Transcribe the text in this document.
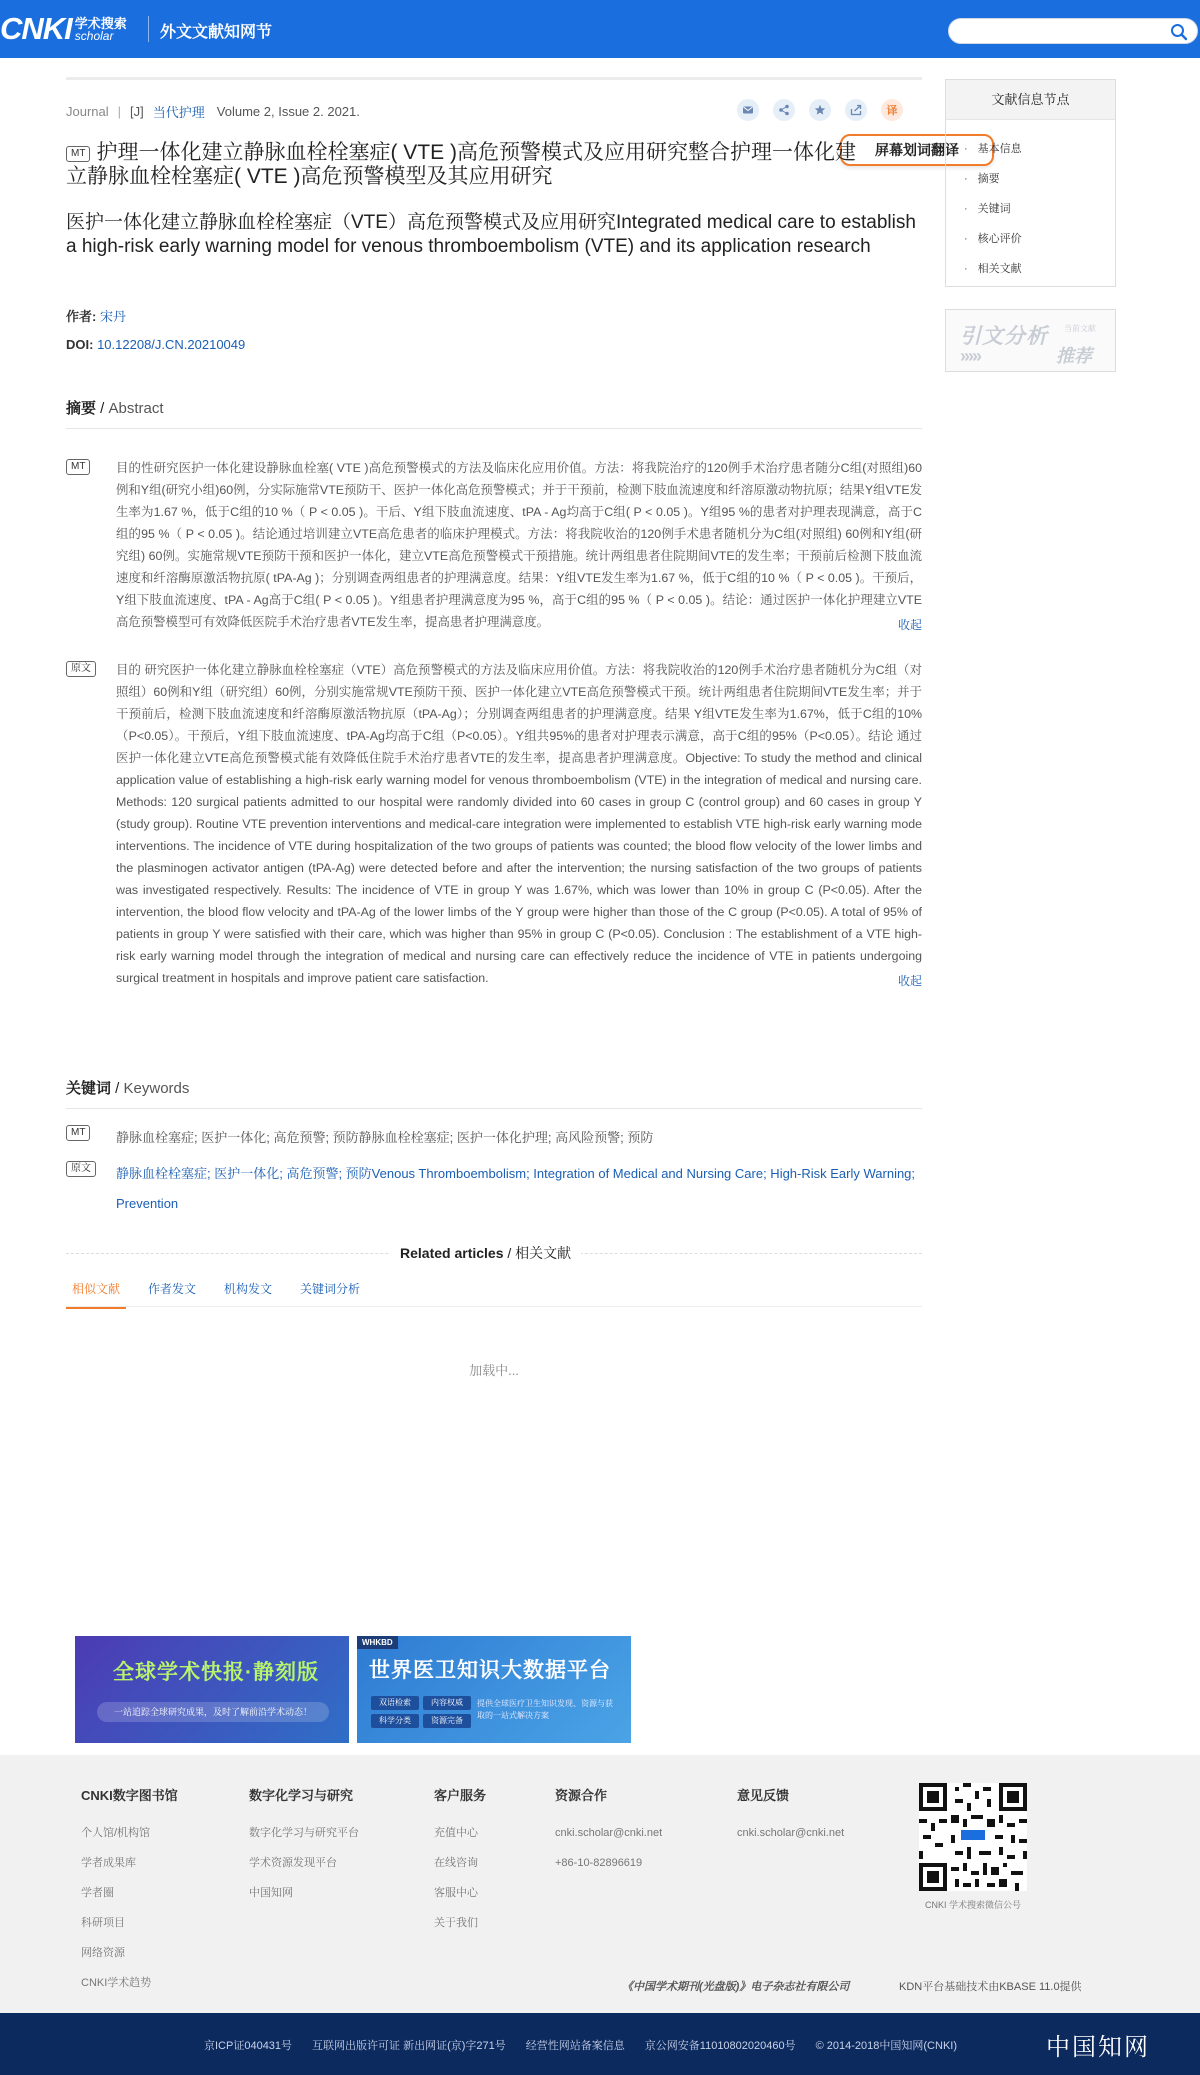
CNKI 学术搜索
scholar	外文文献知网节
Journal | [J] 当代护理 Volume 2, Issue 2. 2021.	译
屏幕划词翻译
MT 护理一体化建立静脉血栓栓塞症( VTE )高危预警模式及应用研究整合护理一体化建立静脉血栓栓塞症( VTE )高危预警模型及其应用研究
医护一体化建立静脉血栓栓塞症（VTE）高危预警模式及应用研究Integrated medical care to establish a high-risk early warning model for venous thromboembolism (VTE) and its application research
作者: 宋丹
DOI: 10.12208/J.CN.20210049
摘要 / Abstract
MT	目的性研究医护一体化建设静脉血栓塞( VTE )高危预警模式的方法及临床化应用价值。方法：将我院治疗的120例手术治疗患者随分C组(对照组)60例和Y组(研究小组)60例，分实际施常VTE预防干、医护一体化高危预警模式；并于干预前，检测下肢血流速度和纤溶原激动物抗原；结果Y组VTE发生率为1.67 %，低于C组的10 %（ P < 0.05 )。干后、Y组下肢血流速度、tPA - Ag均高于C组( P < 0.05 )。Y组95 %的患者对护理表现满意，高于C组的95 %（ P < 0.05 )。结论通过培训建立VTE高危患者的临床护理模式。方法：将我院收治的120例手术患者随机分为C组(对照组) 60例和Y组(研究组) 60例。实施常规VTE预防干预和医护一体化，建立VTE高危预警模式干预措施。统计两组患者住院期间VTE的发生率；干预前后检测下肢血流速度和纤溶酶原激活物抗原( tPA-Ag )；分别调查两组患者的护理满意度。结果：Y组VTE发生率为1.67 %，低于C组的10 %（ P < 0.05 )。干预后，Y组下肢血流速度、tPA - Ag高于C组( P < 0.05 )。Y组患者护理满意度为95 %，高于C组的95 %（ P < 0.05 )。结论：通过医护一体化护理建立VTE高危预警模型可有效降低医院手术治疗患者VTE发生率，提高患者护理满意度。	收起
原文	目的 研究医护一体化建立静脉血栓栓塞症（VTE）高危预警模式的方法及临床应用价值。方法：将我院收治的120例手术治疗患者随机分为C组（对照组）60例和Y组（研究组）60例，分别实施常规VTE预防干预、医护一体化建立VTE高危预警模式干预。统计两组患者住院期间VTE发生率；并于干预前后，检测下肢血流速度和纤溶酶原激活物抗原（tPA-Ag）；分别调查两组患者的护理满意度。结果 Y组VTE发生率为1.67%，低于C组的10%（P<0.05）。干预后，Y组下肢血流速度、tPA-Ag均高于C组（P<0.05）。Y组共95%的患者对护理表示满意，高于C组的95%（P<0.05）。结论 通过医护一体化建立VTE高危预警模式能有效降低住院手术治疗患者VTE的发生率，提高患者护理满意度。Objective: To study the method and clinical application value of establishing a high-risk early warning model for venous thromboembolism (VTE) in the integration of medical and nursing care. Methods: 120 surgical patients admitted to our hospital were randomly divided into 60 cases in group C (control group) and 60 cases in group Y (study group). Routine VTE prevention interventions and medical-care integration were implemented to establish VTE high-risk early warning mode interventions. The incidence of VTE during hospitalization of the two groups of patients was counted; the blood flow velocity of the lower limbs and the plasminogen activator antigen (tPA-Ag) were detected before and after the intervention; the nursing satisfaction of the two groups of patients was investigated respectively. Results: The incidence of VTE in group Y was 1.67%, which was lower than 10% in group C (P<0.05). After the intervention, the blood flow velocity and tPA-Ag of the lower limbs of the Y group were higher than those of the C group (P<0.05). A total of 95% of patients in group Y were satisfied with their care, which was higher than 95% in group C (P<0.05). Conclusion : The establishment of a VTE high-risk early warning model through the integration of medical and nursing care can effectively reduce the incidence of VTE in patients undergoing surgical treatment in hospitals and improve patient care satisfaction.	收起
关键词 / Keywords
MT	静脉血栓塞症; 医护一体化; 高危预警; 预防静脉血栓栓塞症; 医护一体化护理; 高风险预警; 预防
原文	静脉血栓栓塞症; 医护一体化; 高危预警; 预防Venous Thromboembolism; Integration of Medical and Nursing Care; High-Risk Early Warning; Prevention
Related articles / 相关文献
相似文献	作者发文	机构发文	关键词分析
加载中...
全球学术快报·静刻版
一站追踪全球研究成果，及时了解前沿学术动态！
WHKBD
世界医卫知识大数据平台
双语检索	内容权威
科学分类	资源完备
提供全球医疗卫生知识发现、资源与获取的一站式解决方案
文献信息节点
· 基本信息
· 摘要
· 关键词
· 核心评价
· 相关文献
引文分析 当前文献
›››››	推荐
CNKI数字图书馆
个人馆/机构馆
学者成果库
学者圈
科研项目
网络资源
CNKI学术趋势
数字化学习与研究
数字化学习与研究平台
学术资源发现平台
中国知网
客户服务
充值中心
在线咨询
客服中心
关于我们
资源合作
cnki.scholar@cnki.net
+86-10-82896619
意见反馈
cnki.scholar@cnki.net
CNKI 学术搜索微信公号
《中国学术期刊(光盘版)》电子杂志社有限公司	KDN平台基础技术由KBASE 11.0提供
京ICP证040431号 互联网出版许可证 新出网证(京)字271号 经营性网站备案信息 京公网安备11010802020460号 © 2014-2018中国知网(CNKI)	中国知网
